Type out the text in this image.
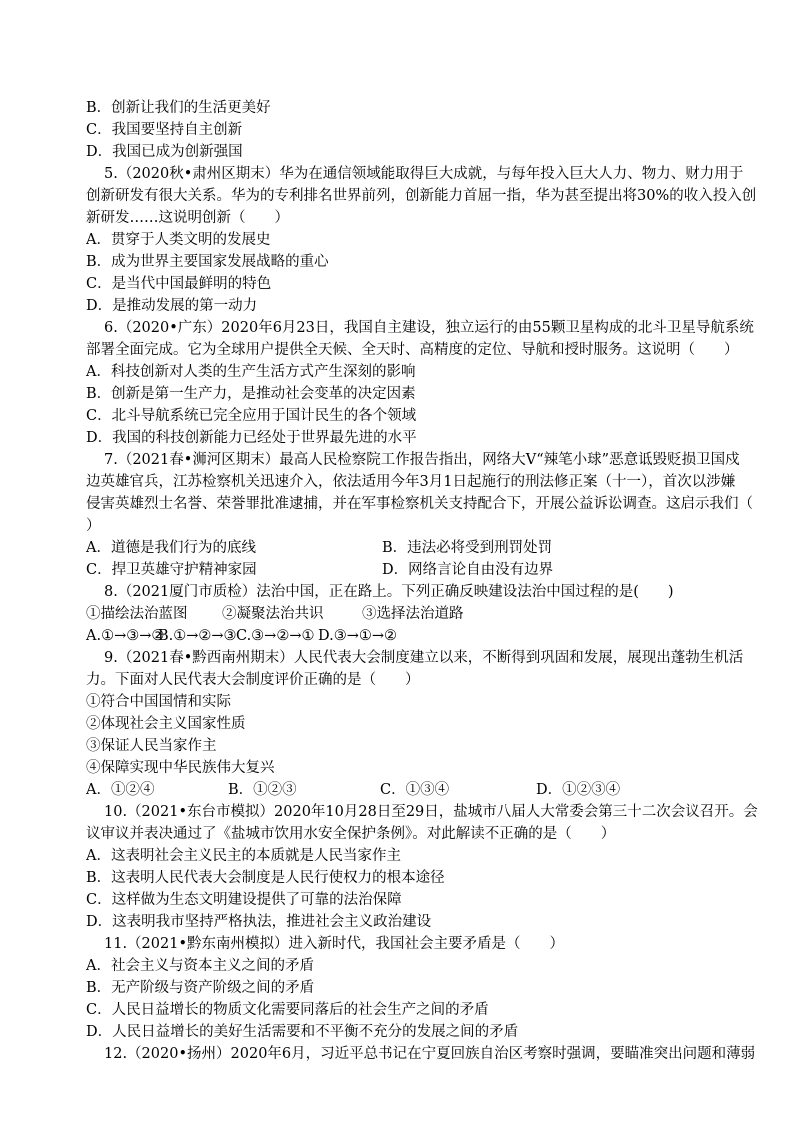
B．创新让我们的生活更美好
C．我国要坚持自主创新
D．我国已成为创新强国
5.（2020秋•肃州区期末）华为在通信领域能取得巨大成就，与每年投入巨大人力、物力、财力用于
创新研发有很大关系。华为的专利排名世界前列，创新能力首屈一指，华为甚至提出将30%的收入投入创
新研发……这说明创新（　　）
A．贯穿于人类文明的发展史
B．成为世界主要国家发展战略的重心
C．是当代中国最鲜明的特色
D．是推动发展的第一动力
6.（2020•广东）2020年6月23日，我国自主建设，独立运行的由55颗卫星构成的北斗卫星导航系统
部署全面完成。它为全球用户提供全天候、全天时、高精度的定位、导航和授时服务。这说明（　　）
A．科技创新对人类的生产生活方式产生深刻的影响
B．创新是第一生产力，是推动社会变革的决定因素
C．北斗导航系统已完全应用于国计民生的各个领域
D．我国的科技创新能力已经处于世界最先进的水平
7.（2021春•浉河区期末）最高人民检察院工作报告指出，网络大V“辣笔小球”恶意诋毁贬损卫国戍
边英雄官兵，江苏检察机关迅速介入，依法适用今年3月1日起施行的刑法修正案（十一），首次以涉嫌
侵害英雄烈士名誉、荣誉罪批准逮捕，并在军事检察机关支持配合下，开展公益诉讼调查。这启示我们（
）
A．道德是我们行为的底线	B．违法必将受到刑罚处罚
C．捍卫英雄守护精神家园	D．网络言论自由没有边界
8.（2021厦门市质检）法治中国，正在路上。下列正确反映建设法治中国过程的是(　　)
①描绘法治蓝图 ②凝聚法治共识	③选择法治道路
A.①→③→②B.①→②→③C.③→②→① D.③→①→②
9.（2021春•黔西南州期末）人民代表大会制度建立以来，不断得到巩固和发展，展现出蓬勃生机活
力。下面对人民代表大会制度评价正确的是（　　）
①符合中国国情和实际
②体现社会主义国家性质
③保证人民当家作主
④保障实现中华民族伟大复兴
A．①②④	B．①②③	C．①③④	D．①②③④
10.（2021•东台市模拟）2020年10月28日至29日，盐城市八届人大常委会第三十二次会议召开。会
议审议并表决通过了《盐城市饮用水安全保护条例》。对此解读不正确的是（　　）
A．这表明社会主义民主的本质就是人民当家作主
B．这表明人民代表大会制度是人民行使权力的根本途径
C．这样做为生态文明建设提供了可靠的法治保障
D．这表明我市坚持严格执法，推进社会主义政治建设
11.（2021•黔东南州模拟）进入新时代，我国社会主要矛盾是（　　）
A．社会主义与资本主义之间的矛盾
B．无产阶级与资产阶级之间的矛盾
C．人民日益增长的物质文化需要同落后的社会生产之间的矛盾
D．人民日益增长的美好生活需要和不平衡不充分的发展之间的矛盾
12.（2020•扬州）2020年6月，习近平总书记在宁夏回族自治区考察时强调，要瞄准突出问题和薄弱
